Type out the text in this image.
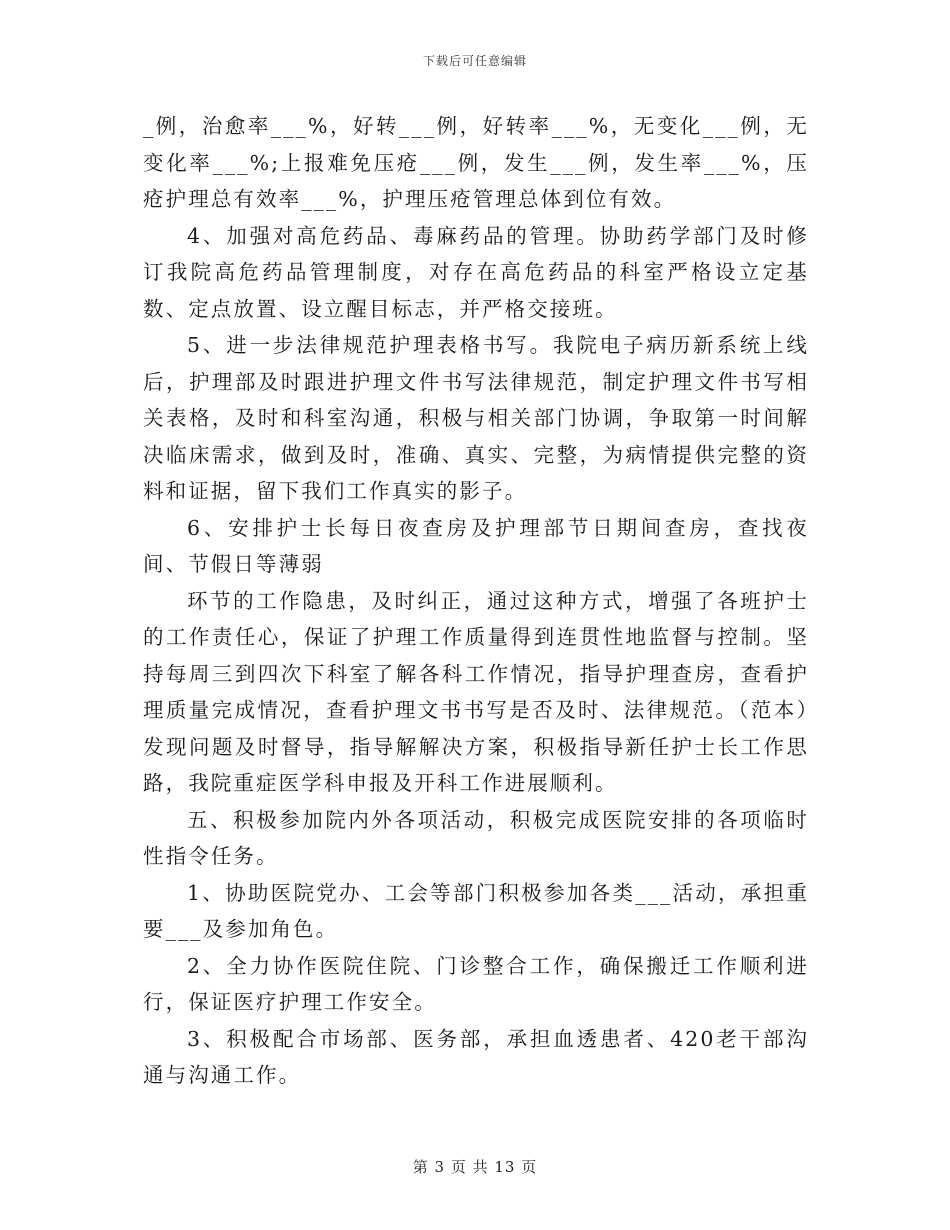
下载后可任意编辑

_例，治愈率___%，好转___例，好转率___%，无变化___例，无变化率___%;上报难免压疮___例，发生___例，发生率___%，压疮护理总有效率___%，护理压疮管理总体到位有效。

4、加强对高危药品、毒麻药品的管理。协助药学部门及时修订我院高危药品管理制度，对存在高危药品的科室严格设立定基数、定点放置、设立醒目标志，并严格交接班。

5、进一步法律规范护理表格书写。我院电子病历新系统上线后，护理部及时跟进护理文件书写法律规范，制定护理文件书写相关表格，及时和科室沟通，积极与相关部门协调，争取第一时间解决临床需求，做到及时，准确、真实、完整，为病情提供完整的资料和证据，留下我们工作真实的影子。

6、安排护士长每日夜查房及护理部节日期间查房，查找夜间、节假日等薄弱

环节的工作隐患，及时纠正，通过这种方式，增强了各班护士的工作责任心，保证了护理工作质量得到连贯性地监督与控制。坚持每周三到四次下科室了解各科工作情况，指导护理查房，查看护理质量完成情况，查看护理文书书写是否及时、法律规范。（范本）发现问题及时督导，指导解解决方案，积极指导新任护士长工作思路，我院重症医学科申报及开科工作进展顺利。

五、积极参加院内外各项活动，积极完成医院安排的各项临时性指令任务。

1、协助医院党办、工会等部门积极参加各类___活动，承担重要___及参加角色。

2、全力协作医院住院、门诊整合工作，确保搬迁工作顺利进行，保证医疗护理工作安全。

3、积极配合市场部、医务部，承担血透患者、420老干部沟通与沟通工作。

第 3 页 共 13 页
